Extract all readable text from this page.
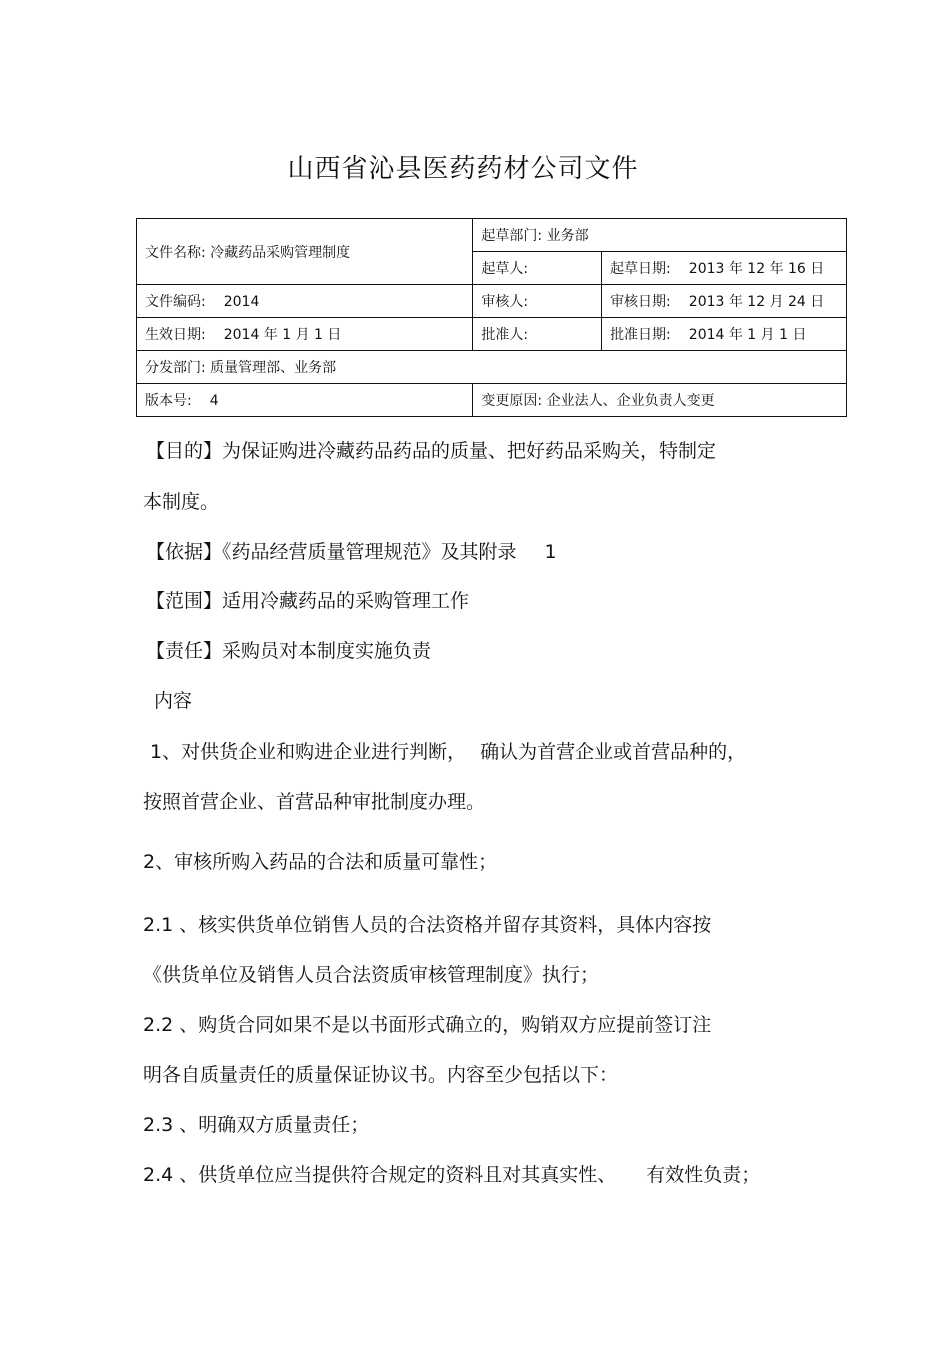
山西省沁县医药药材公司文件
文件名称: 冷藏药品采购管理制度	起草部门: 业务部	
	起草人:	起草日期: 2013 年 12 年 16 日
文件编码: 2014	审核人:	审核日期: 2013 年 12 月 24 日
生效日期: 2014 年 1 月 1 日	批准人:	批准日期: 2014 年 1 月 1 日
分发部门: 质量管理部、业务部		
版本号: 4	变更原因: 企业法人、企业负责人变更	
【目的】为保证购进冷藏药品药品的质量、把好药品采购关，特制定
本制度。
【依据】《药品经营质量管理规范》及其附录 1
【范围】适用冷藏药品的采购管理工作
【责任】采购员对本制度实施负责
内容
1、对供货企业和购进企业进行判断， 确认为首营企业或首营品种的，
按照首营企业、首营品种审批制度办理。
2、审核所购入药品的合法和质量可靠性；
2.1 、核实供货单位销售人员的合法资格并留存其资料，具体内容按
《供货单位及销售人员合法资质审核管理制度》执行；
2.2 、购货合同如果不是以书面形式确立的，购销双方应提前签订注
明各自质量责任的质量保证协议书。内容至少包括以下：
2.3 、明确双方质量责任；
2.4 、供货单位应当提供符合规定的资料且对其真实性、 有效性负责；
